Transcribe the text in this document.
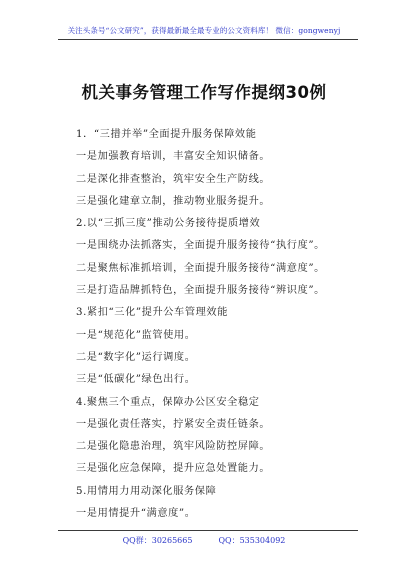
关注头条号“公文研究”，获得最新最全最专业的公文资料库！ 微信：gongwenyj
机关事务管理工作写作提纲30例
1．“三措并举”全面提升服务保障效能
一是加强教育培训，丰富安全知识储备。
二是深化排查整治，筑牢安全生产防线。
三是强化建章立制，推动物业服务提升。
2.以“三抓三度”推动公务接待提质增效
一是围绕办法抓落实，全面提升服务接待“执行度”。
二是聚焦标准抓培训，全面提升服务接待“满意度”。
三是打造品牌抓特色，全面提升服务接待“辨识度”。
3.紧扣“三化”提升公车管理效能
一是“规范化”监管使用。
二是“数字化”运行调度。
三是“低碳化”绿色出行。
4.聚焦三个重点，保障办公区安全稳定
一是强化责任落实，拧紧安全责任链条。
二是强化隐患治理，筑牢风险防控屏障。
三是强化应急保障，提升应急处置能力。
5.用情用力用动深化服务保障
一是用情提升“满意度”。
QQ群：30265665	QQ：535304092
